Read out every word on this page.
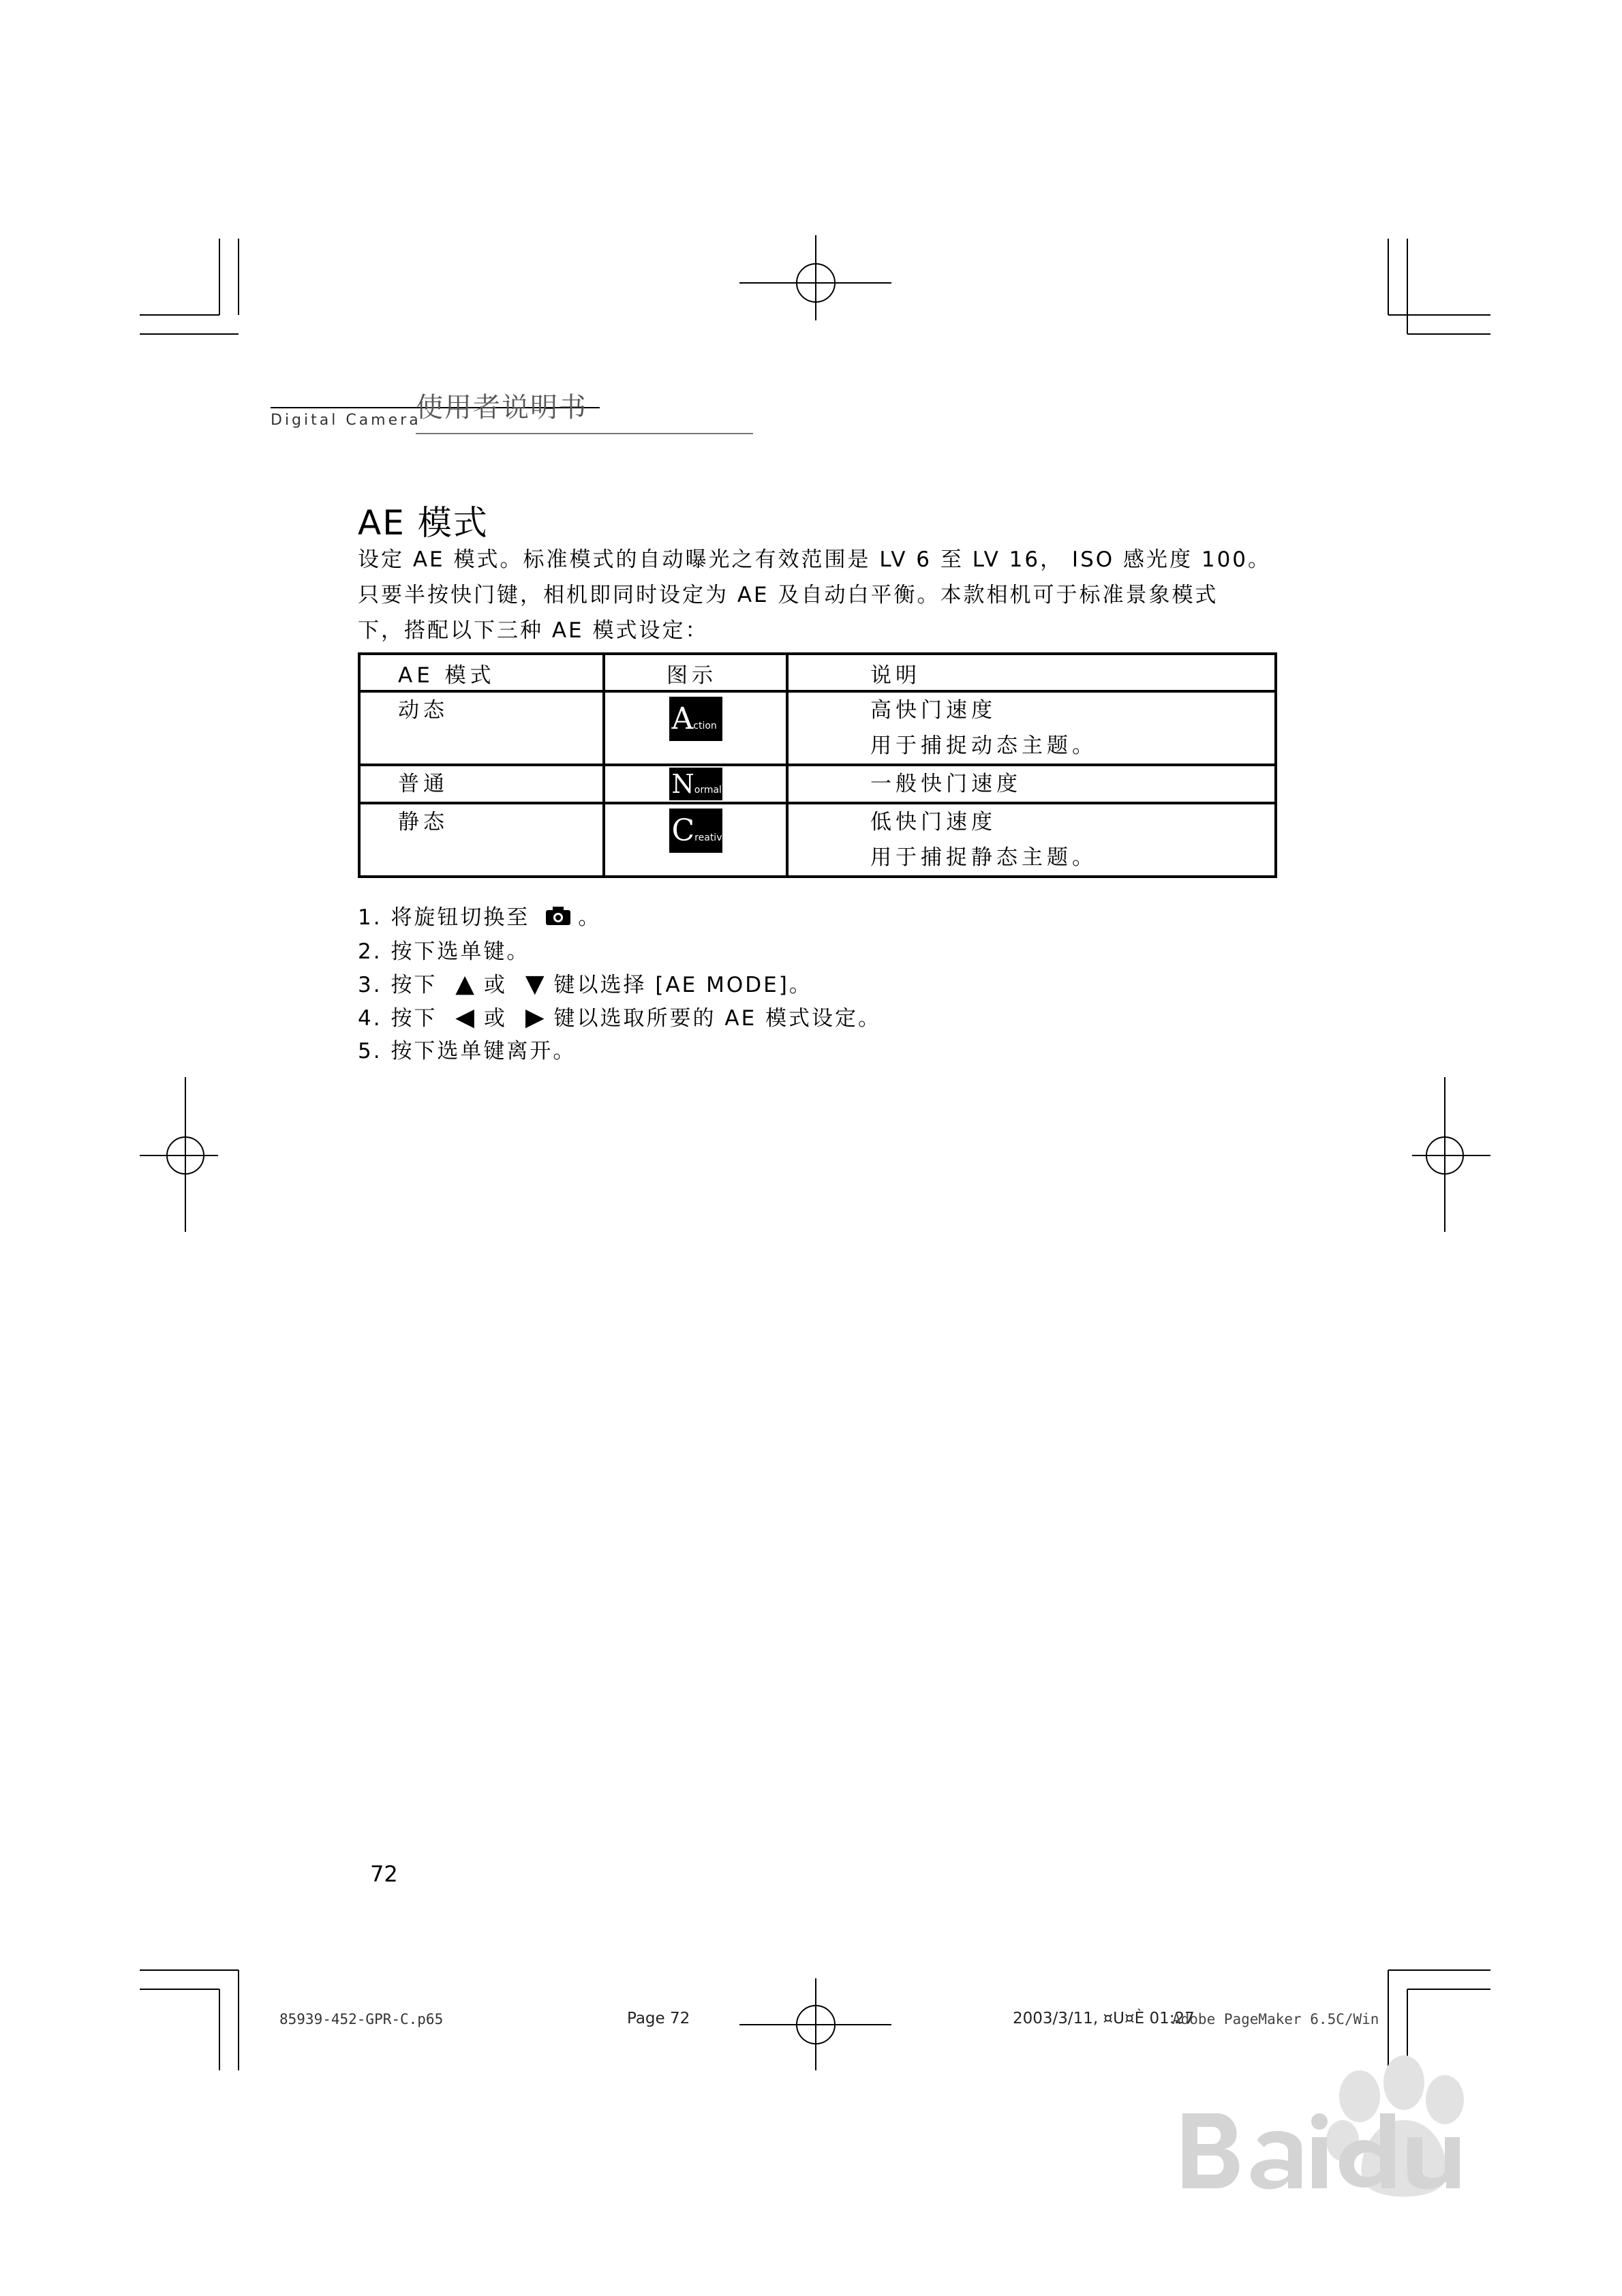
Digital Camera
使用者说明书
AE 模式
设定 AE 模式。标准模式的自动曝光之有效范围是 LV 6 至 LV 16， ISO 感光度 100。
只要半按快门键，相机即同时设定为 AE 及自动白平衡。本款相机可于标准景象模式
下，搭配以下三种 AE 模式设定：
AE 模式	图示	说明

动态	Action	高快门速度
用于捕捉动态主题。

普通	Normal	一般快门速度

静态	Creative	低快门速度
用于捕捉静态主题。
1. 将旋钮切换至 。
2. 按下选单键。
3. 按下 ▲ 或 ▼ 键以选择 [AE MODE]。
4. 按下 ◀ 或 ▶ 键以选取所要的 AE 模式设定。
5. 按下选单键离开。
72
85939-452-GPR-C.p65	Page 72	2003/3/11, ¤U¤È 01:27
Adobe PageMaker 6.5C/Win
